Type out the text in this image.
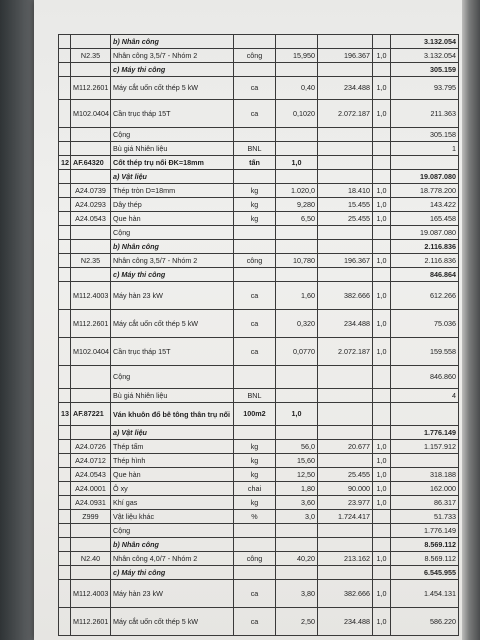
		b) Nhân công					3.132.054
	N2.35	Nhân công 3,5/7 - Nhóm 2	công	15,950	196.367	1,0	3.132.054
		c) Máy thi công					305.159
	M112.2601	Máy cắt uốn cốt thép 5 kW	ca	0,40	234.488	1,0	93.795
	M102.0404	Cần trục tháp 15T	ca	0,1020	2.072.187	1,0	211.363
		Cộng					305.158
		Bù giá Nhiên liệu	BNL				1
12	AF.64320	Cốt thép trụ nối ĐK=18mm	tấn	1,0			
		a) Vật liệu					19.087.080
	A24.0739	Thép tròn D=18mm	kg	1.020,0	18.410	1,0	18.778.200
	A24.0293	Dây thép	kg	9,280	15.455	1,0	143.422
	A24.0543	Que hàn	kg	6,50	25.455	1,0	165.458
		Cộng					19.087.080
		b) Nhân công					2.116.836
	N2.35	Nhân công 3,5/7 - Nhóm 2	công	10,780	196.367	1,0	2.116.836
		c) Máy thi công					846.864
	M112.4003	Máy hàn 23 kW	ca	1,60	382.666	1,0	612.266
	M112.2601	Máy cắt uốn cốt thép 5 kW	ca	0,320	234.488	1,0	75.036
	M102.0404	Cần trục tháp 15T	ca	0,0770	2.072.187	1,0	159.558
		Cộng					846.860
		Bù giá Nhiên liệu	BNL				4
13	AF.87221	Ván khuôn đổ bê tông thân trụ nối	100m2	1,0			
		a) Vật liệu					1.776.149
	A24.0726	Thép tấm	kg	56,0	20.677	1,0	1.157.912
	A24.0712	Thép hình	kg	15,60		1,0	
	A24.0543	Que hàn	kg	12,50	25.455	1,0	318.188
	A24.0001	Ô xy	chai	1,80	90.000	1,0	162.000
	A24.0931	Khí gas	kg	3,60	23.977	1,0	86.317
	Z999	Vật liệu khác	%	3,0	1.724.417		51.733
		Cộng					1.776.149
		b) Nhân công					8.569.112
	N2.40	Nhân công 4,0/7 - Nhóm 2	công	40,20	213.162	1,0	8.569.112
		c) Máy thi công					6.545.955
	M112.4003	Máy hàn 23 kW	ca	3,80	382.666	1,0	1.454.131
	M112.2601	Máy cắt uốn cốt thép 5 kW	ca	2,50	234.488	1,0	586.220
